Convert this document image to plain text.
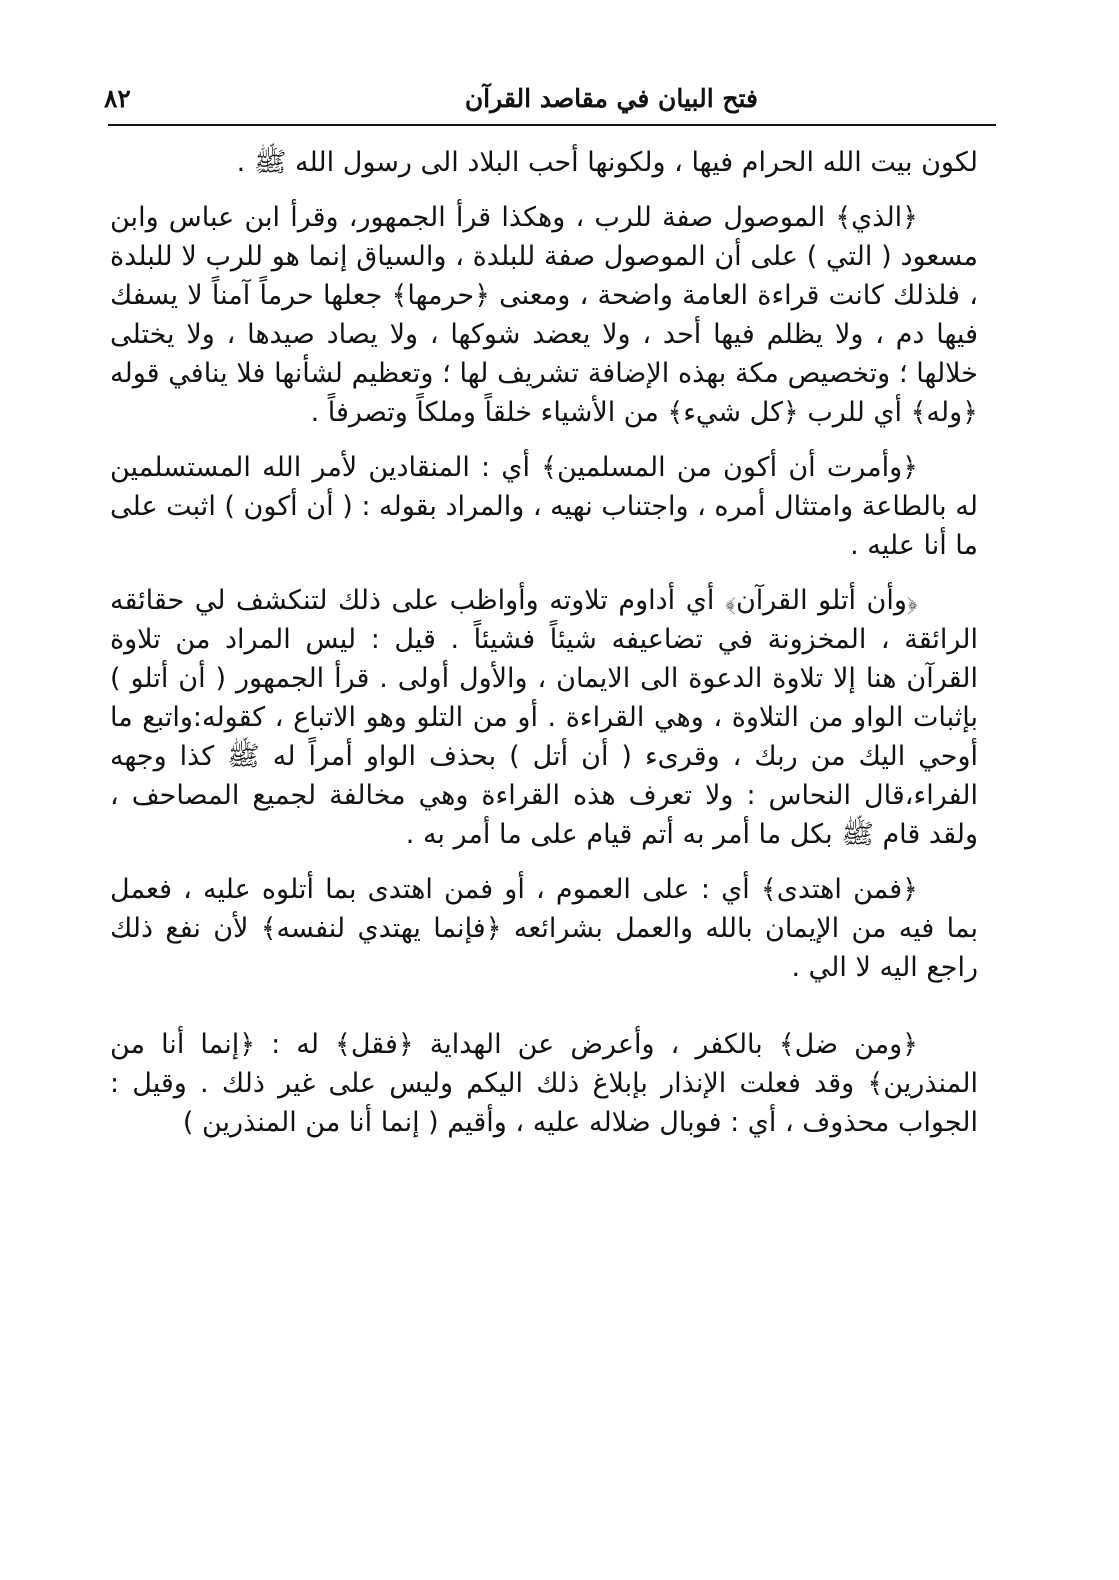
فتح البيان في مقاصد القرآن
٨٢

لكون بيت الله الحرام فيها ، ولكونها أحب البلاد الى رسول الله ﷺ .

﴿الذي﴾ الموصول صفة للرب ، وهكذا قرأ الجمهور، وقرأ ابن عباس وابن مسعود ( التي ) على أن الموصول صفة للبلدة ، والسياق إنما هو للرب لا للبلدة ، فلذلك كانت قراءة العامة واضحة ، ومعنى ﴿حرمها﴾ جعلها حرماً آمناً لا يسفك فيها دم ، ولا يظلم فيها أحد ، ولا يعضد شوكها ، ولا يصاد صيدها ، ولا يختلى خلالها ؛ وتخصيص مكة بهذه الإضافة تشريف لها ؛ وتعظيم لشأنها فلا ينافي قوله ﴿وله﴾ أي للرب ﴿كل شيء﴾ من الأشياء خلقاً وملكاً وتصرفاً .

﴿وأمرت أن أكون من المسلمين﴾ أي : المنقادين لأمر الله المستسلمين له بالطاعة وامتثال أمره ، واجتناب نهيه ، والمراد بقوله : ( أن أكون ) اثبت على ما أنا عليه .

﴿وأن أتلو القرآن﴾ أي أداوم تلاوته وأواظب على ذلك لتنكشف لي حقائقه الرائقة ، المخزونة في تضاعيفه شيئاً فشيئاً . قيل : ليس المراد من تلاوة القرآن هنا إلا تلاوة الدعوة الى الايمان ، والأول أولى . قرأ الجمهور ( أن أتلو ) بإثبات الواو من التلاوة ، وهي القراءة . أو من التلو وهو الاتباع ، كقوله:واتبع ما أوحي اليك من ربك ، وقرىء ( أن أتل ) بحذف الواو أمراً له ﷺ كذا وجهه الفراء،قال النحاس : ولا تعرف هذه القراءة وهي مخالفة لجميع المصاحف ، ولقد قام ﷺ بكل ما أمر به أتم قيام على ما أمر به .

﴿فمن اهتدى﴾ أي : على العموم ، أو فمن اهتدى بما أتلوه عليه ، فعمل بما فيه من الإيمان بالله والعمل بشرائعه ﴿فإنما يهتدي لنفسه﴾ لأن نفع ذلك راجع اليه لا الي .

﴿ومن ضل﴾ بالكفر ، وأعرض عن الهداية ﴿فقل﴾ له : ﴿إنما أنا من المنذرين﴾ وقد فعلت الإنذار بإبلاغ ذلك اليكم وليس على غير ذلك . وقيل : الجواب محذوف ، أي : فوبال ضلاله عليه ، وأقيم ( إنما أنا من المنذرين )
